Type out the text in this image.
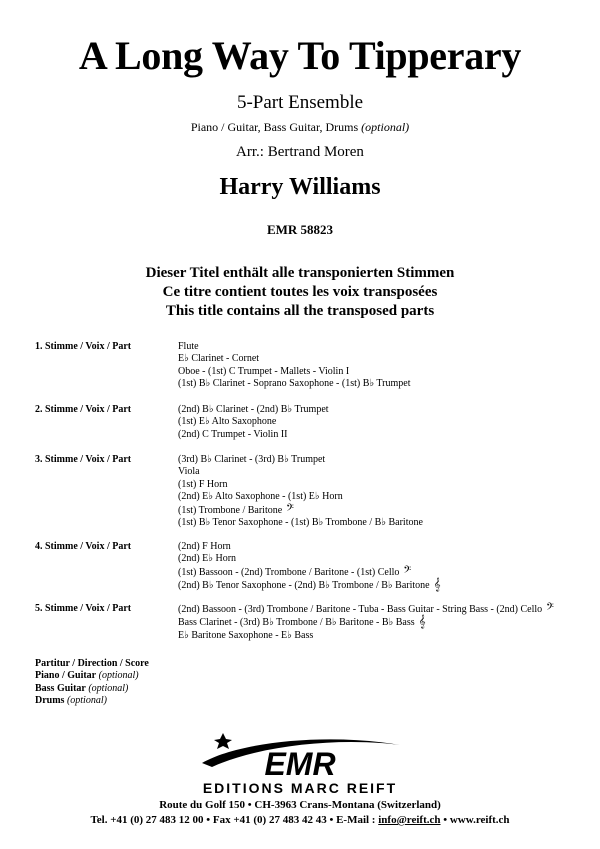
A Long Way To Tipperary
5-Part Ensemble
Piano / Guitar, Bass Guitar, Drums (optional)
Arr.: Bertrand Moren
Harry Williams
EMR 58823
Dieser Titel enthält alle transponierten Stimmen
Ce titre contient toutes les voix transposées
This title contains all the transposed parts
1. Stimme / Voix / Part	Flute
E♭ Clarinet - Cornet
Oboe - (1st) C Trumpet - Mallets - Violin I
(1st) B♭ Clarinet - Soprano Saxophone - (1st) B♭ Trumpet
2. Stimme / Voix / Part	(2nd) B♭ Clarinet - (2nd) B♭ Trumpet
(1st) E♭ Alto Saxophone
(2nd) C Trumpet - Violin II
3. Stimme / Voix / Part	(3rd) B♭ Clarinet - (3rd) B♭ Trumpet
Viola
(1st) F Horn
(2nd) E♭ Alto Saxophone - (1st) E♭ Horn
(1st) Trombone / Baritone 𝄢
(1st) B♭ Tenor Saxophone - (1st) B♭ Trombone / B♭ Baritone
4. Stimme / Voix / Part	(2nd) F Horn
(2nd) E♭ Horn
(1st) Bassoon - (2nd) Trombone / Baritone - (1st) Cello 𝄢
(2nd) B♭ Tenor Saxophone - (2nd) B♭ Trombone / B♭ Baritone 𝄞
5. Stimme / Voix / Part	(2nd) Bassoon - (3rd) Trombone / Baritone - Tuba - Bass Guitar - String Bass - (2nd) Cello 𝄢
Bass Clarinet - (3rd) B♭ Trombone / B♭ Baritone - B♭ Bass 𝄞
E♭ Baritone Saxophone - E♭ Bass
Partitur / Direction / Score
Piano / Guitar (optional)
Bass Guitar (optional)
Drums (optional)
EMR
EDITIONS MARC REIFT
Route du Golf 150 • CH-3963 Crans-Montana (Switzerland)
Tel. +41 (0) 27 483 12 00 • Fax +41 (0) 27 483 42 43 • E-Mail : info@reift.ch • www.reift.ch
